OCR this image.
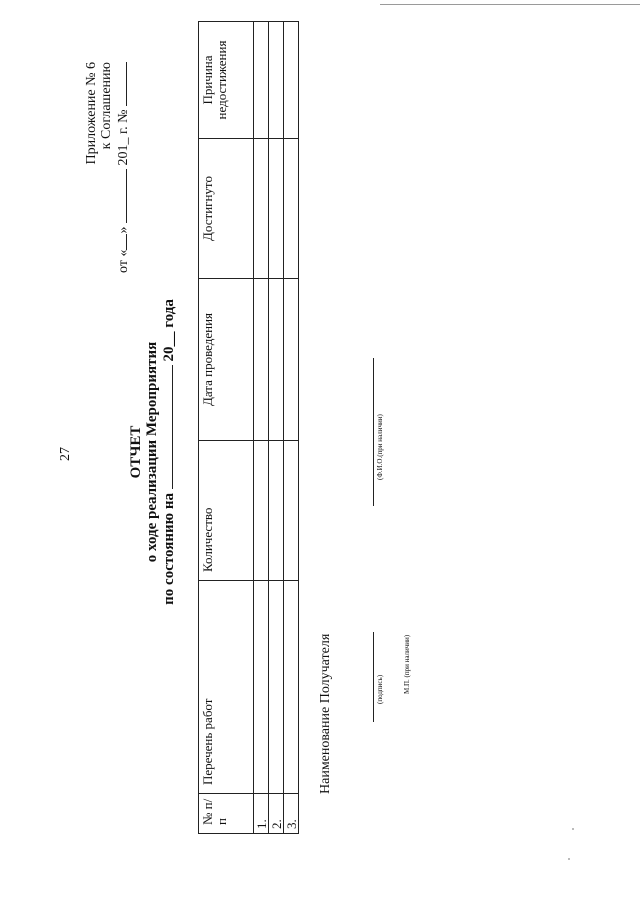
27
Приложение № 6 к Соглашению
от «»  201_ г. №
ОТЧЕТ о ходе реализации Мероприятия по состоянию на  20__ года
№ п/п	Перечень работ	Количество	Дата проведения	Достигнуто	Причина недостижения
1.					
2.					
3.					
Наименование Получателя	(подпись)
(Ф.И.О.(при наличии)
М.П. (при наличии)
